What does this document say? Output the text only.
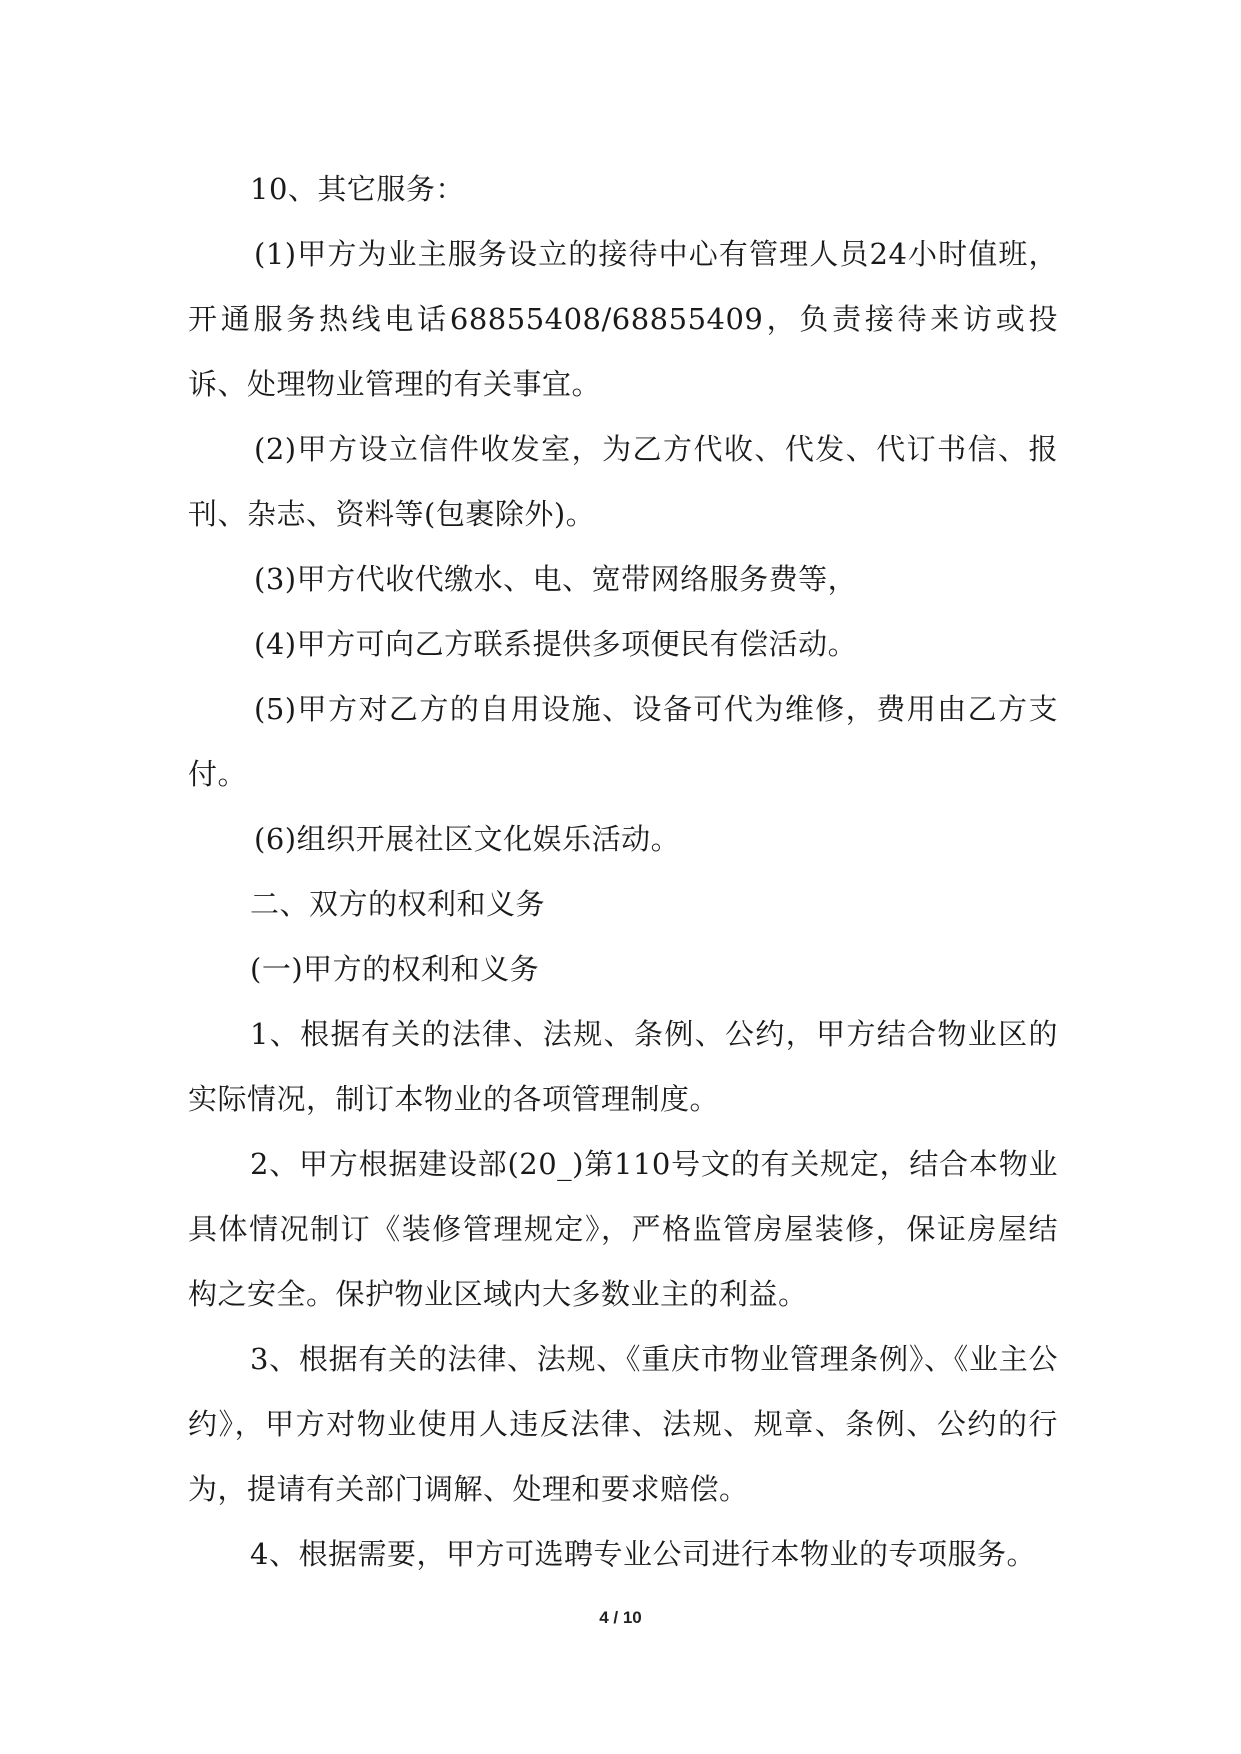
10、其它服务：

(1)甲方为业主服务设立的接待中心有管理人员24小时值班，开通服务热线电话68855408/68855409，负责接待来访或投诉、处理物业管理的有关事宜。

(2)甲方设立信件收发室，为乙方代收、代发、代订书信、报刊、杂志、资料等(包裹除外)。

(3)甲方代收代缴水、电、宽带网络服务费等，

(4)甲方可向乙方联系提供多项便民有偿活动。

(5)甲方对乙方的自用设施、设备可代为维修，费用由乙方支付。

(6)组织开展社区文化娱乐活动。

二、双方的权利和义务

(一)甲方的权利和义务

1、根据有关的法律、法规、条例、公约，甲方结合物业区的实际情况，制订本物业的各项管理制度。

2、甲方根据建设部(20_)第110号文的有关规定，结合本物业具体情况制订《装修管理规定》，严格监管房屋装修，保证房屋结构之安全。保护物业区域内大多数业主的利益。

3、根据有关的法律、法规、《重庆市物业管理条例》、《业主公约》，甲方对物业使用人违反法律、法规、规章、条例、公约的行为，提请有关部门调解、处理和要求赔偿。

4、根据需要，甲方可选聘专业公司进行本物业的专项服务。

4 / 10
